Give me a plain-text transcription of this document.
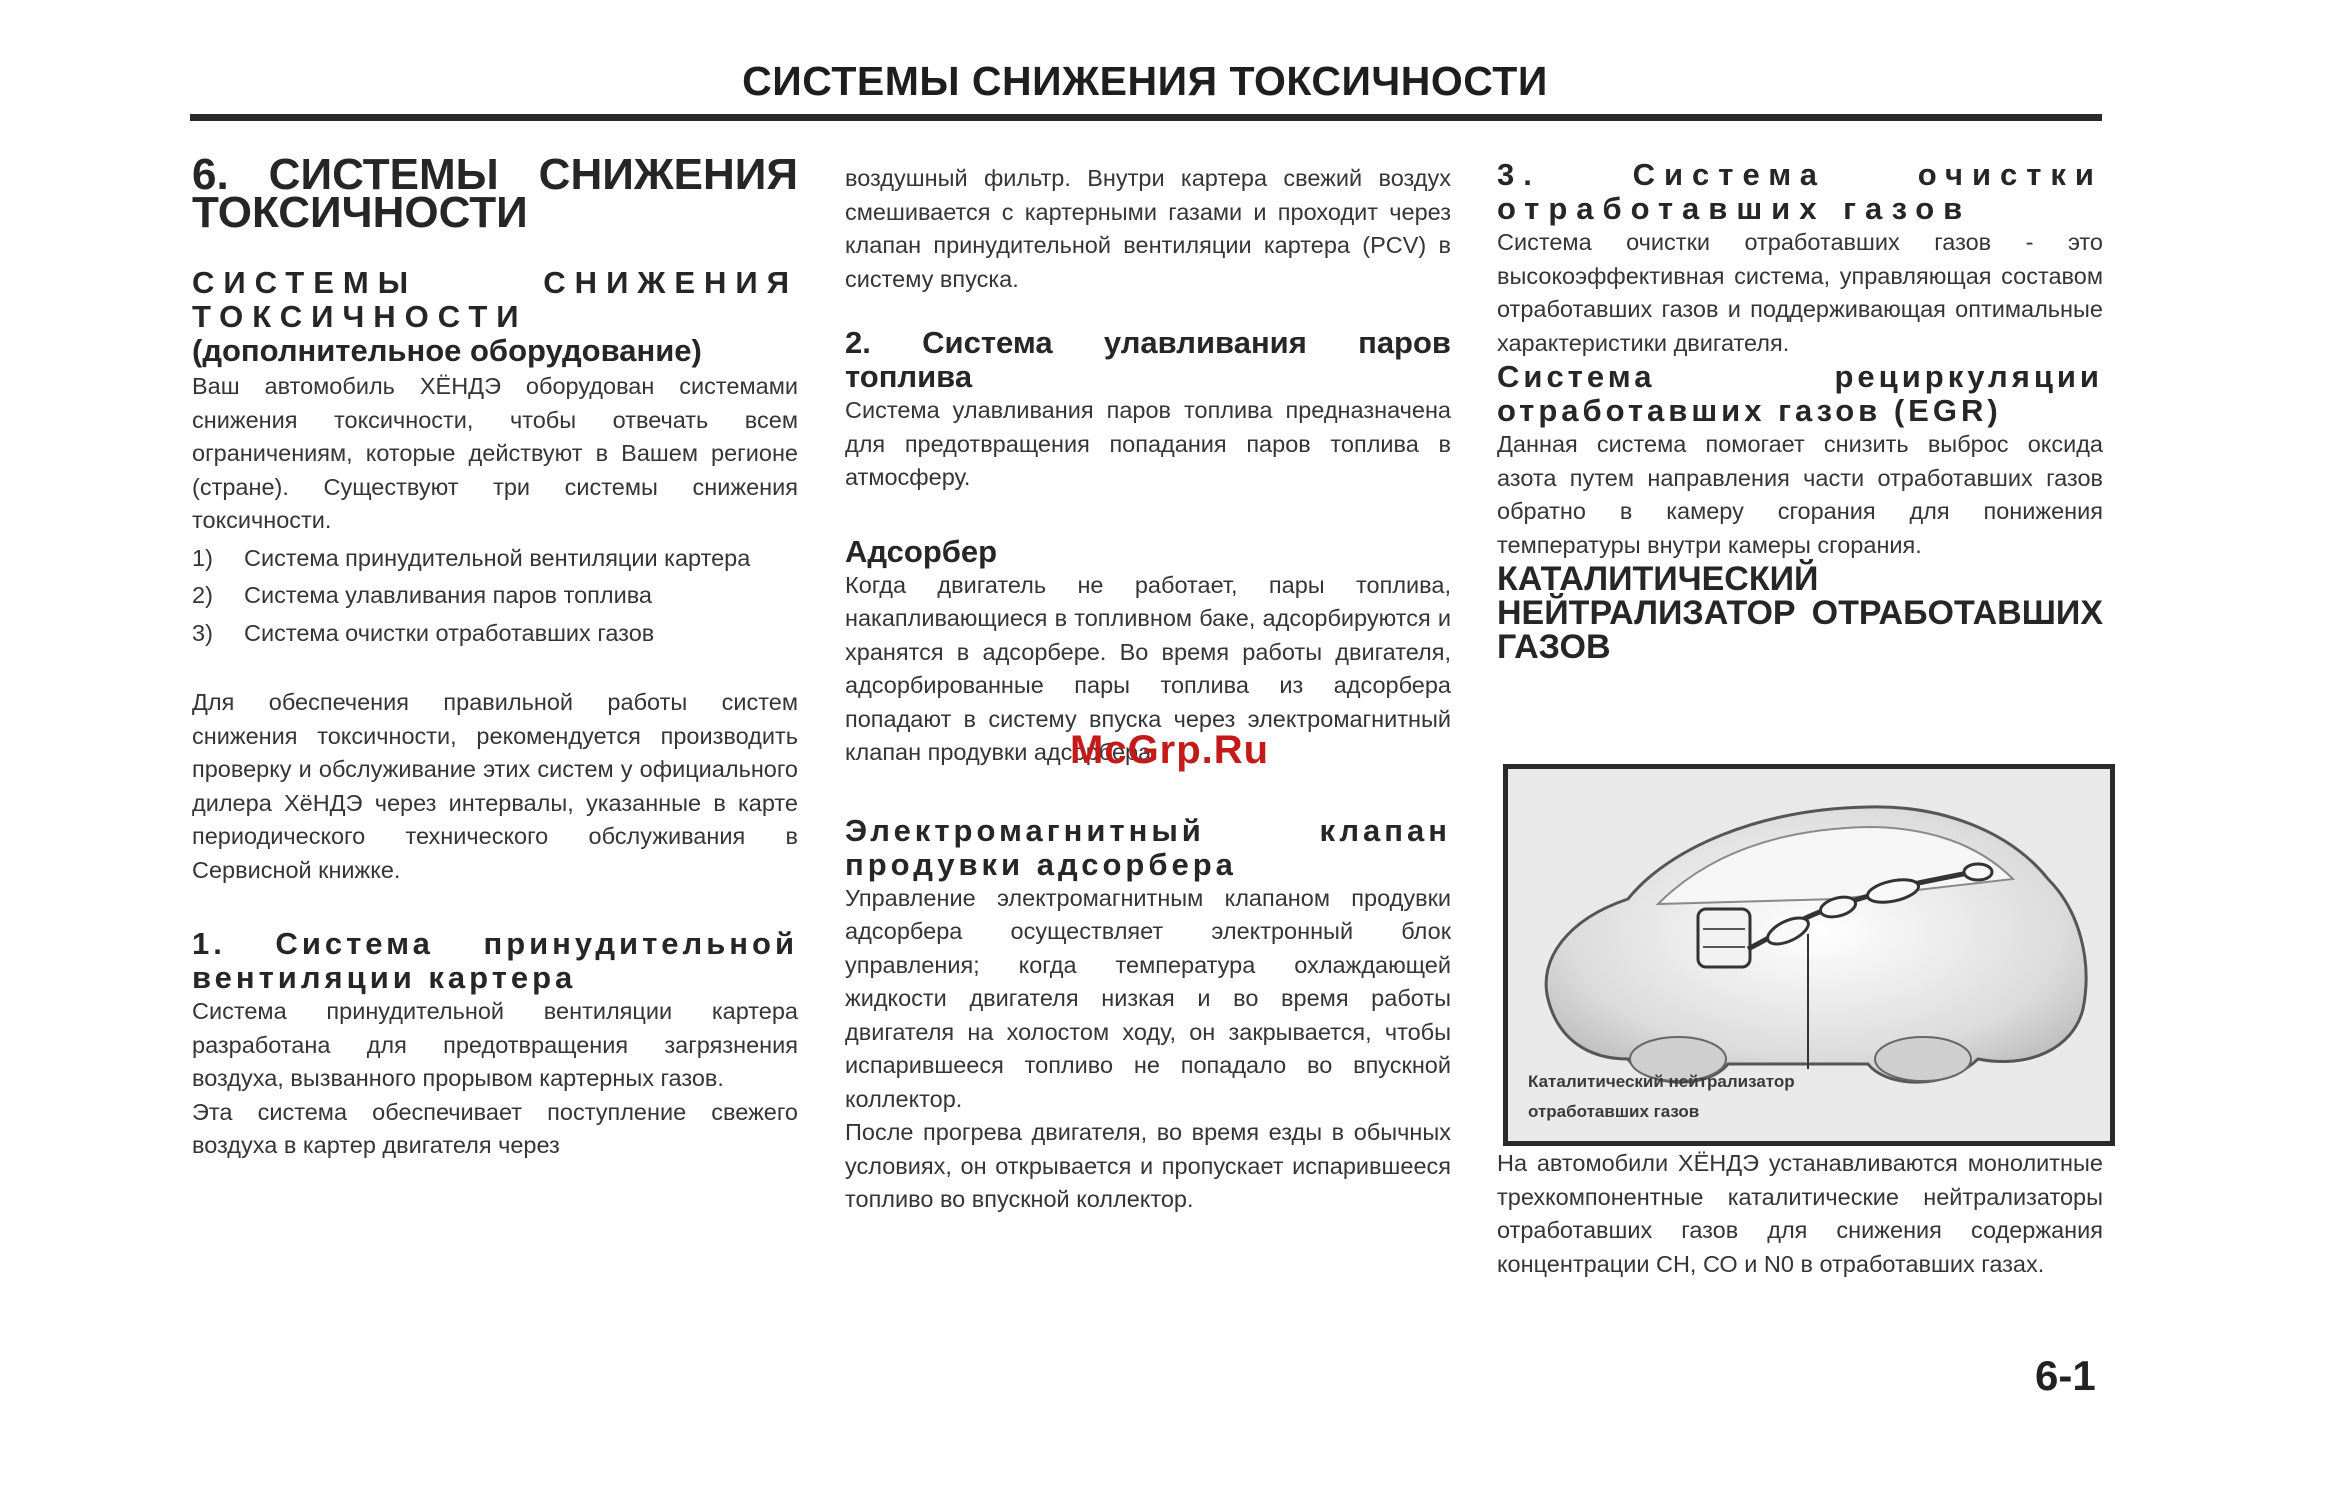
СИСТЕМЫ СНИЖЕНИЯ ТОКСИЧНОСТИ
6. СИСТЕМЫ СНИЖЕНИЯ ТОКСИЧНОСТИ
СИСТЕМЫ СНИЖЕНИЯ ТОКСИЧНОСТИ
(дополнительное оборудование)

Ваш автомобиль ХЁНДЭ оборудован системами снижения токсичности, чтобы отвечать всем ограничениям, которые действуют в Вашем регионе (стране). Существуют три системы снижения токсичности.

1)	Система принудительной вентиляции картера
2)	Система улавливания паров топлива
3)	Система очистки отработавших газов

Для обеспечения правильной работы систем снижения токсичности, рекомендуется производить проверку и обслуживание этих систем у официального дилера ХёНДЭ через интервалы, указанные в карте периодического технического обслуживания в Сервисной книжке.

1. Система принудительной вентиляции картера

Система принудительной вентиляции картера разработана для предотвращения загрязнения воздуха, вызванного прорывом картерных газов.

Эта система обеспечивает поступление свежего воздуха в картер двигателя через

воздушный фильтр. Внутри картера свежий воздух смешивается с картерными газами и проходит через клапан принудительной вентиляции картера (PCV) в систему впуска.

2. Система улавливания паров топлива

Система улавливания паров топлива предназначена для предотвращения попадания паров топлива в атмосферу.

Адсорбер

Когда двигатель не работает, пары топлива, накапливающиеся в топливном баке, адсорбируются и хранятся в адсорбере. Во время работы двигателя, адсорбированные пары топлива из адсорбера попадают в систему впуска через электромагнитный клапан продувки адсорбера.

Электромагнитный клапан продувки адсорбера

Управление электромагнитным клапаном продувки адсорбера осуществляет электронный блок управления; когда температура охлаждающей жидкости двигателя низкая и во время работы двигателя на холостом ходу, он закрывается, чтобы испарившееся топливо не попадало во впускной коллектор.

После прогрева двигателя, во время езды в обычных условиях, он открывается и пропускает испарившееся топливо во впускной коллектор.

3. Система очистки отработавших газов

Система очистки отработавших газов - это высокоэффективная система, управляющая составом отработавших газов и поддерживающая оптимальные характеристики двигателя.

Система рециркуляции отработавших газов (EGR)

Данная система помогает снизить выброс оксида азота путем направления части отработавших газов обратно в камеру сгорания для понижения температуры внутри камеры сгорания.

КАТАЛИТИЧЕСКИЙ НЕЙТРАЛИЗАТОР ОТРАБОТАВШИХ ГАЗОВ
Каталитический нейтрализатор
отработавших газов

На автомобили ХЁНДЭ устанавливаются монолитные трехкомпонентные каталитические нейтрализаторы отработавших газов для снижения содержания концентрации СН, СО и N0 в отработавших газах.

McGrp.Ru
6-1
